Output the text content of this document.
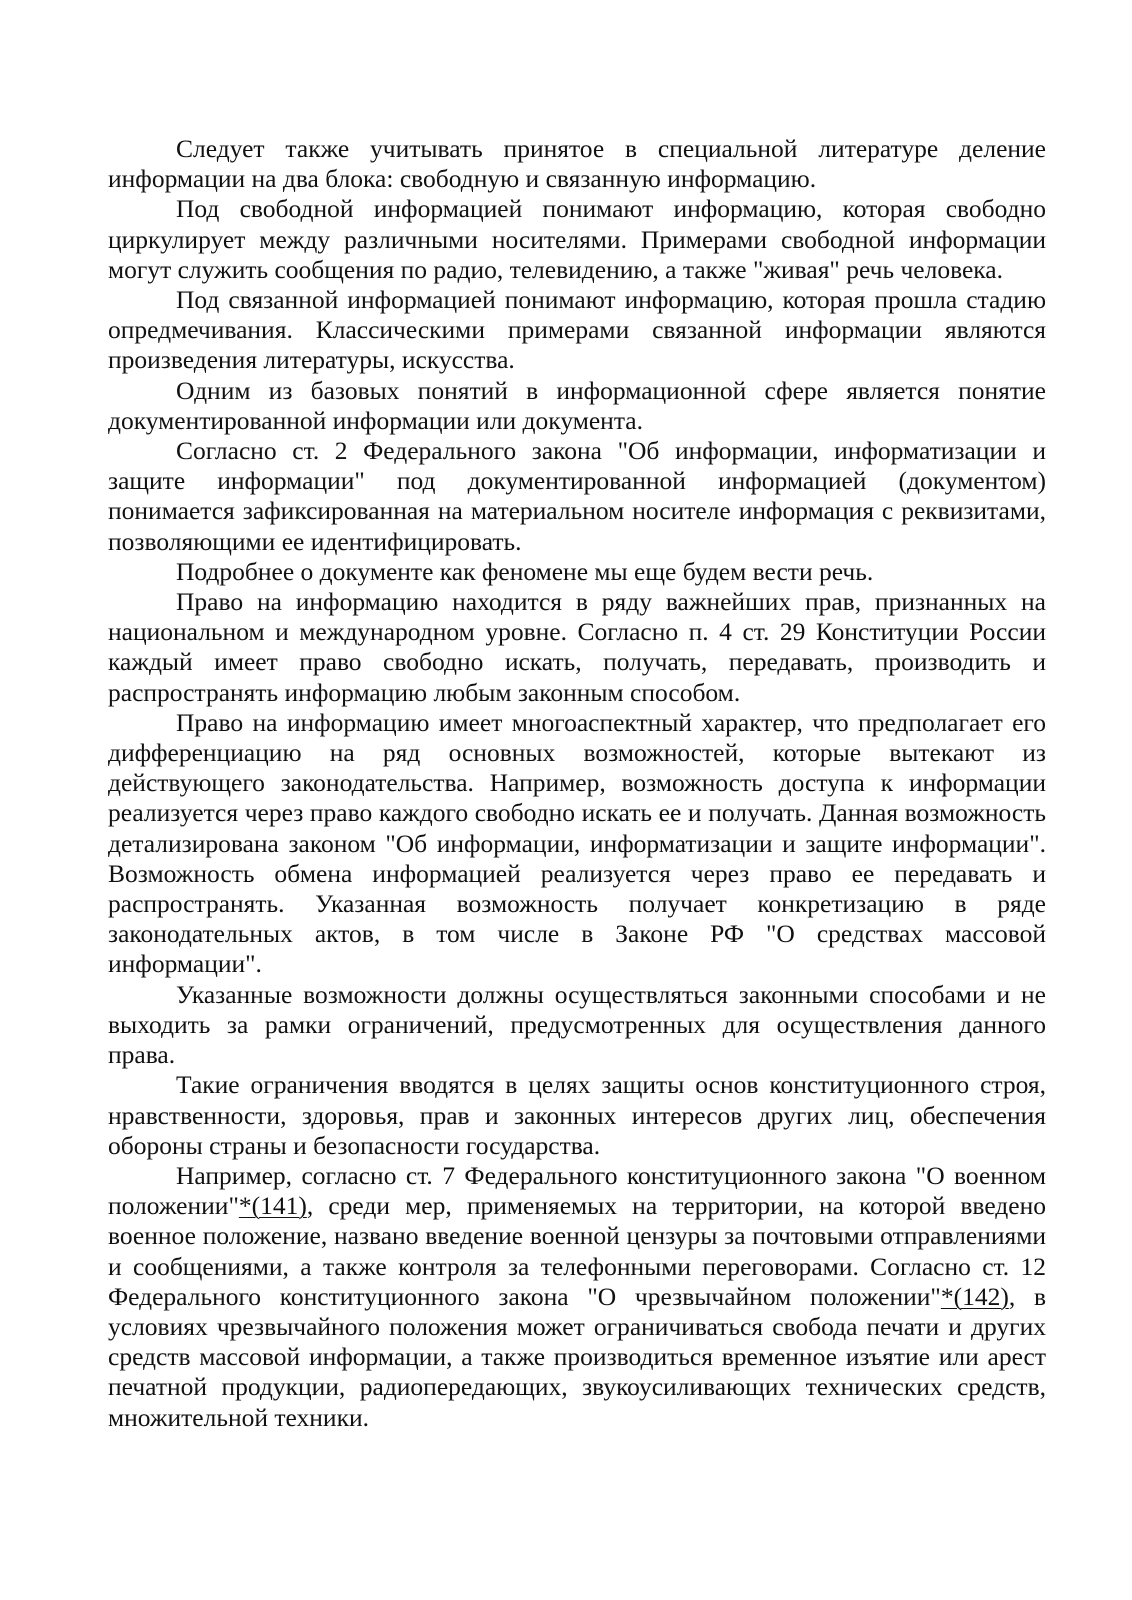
Следует также учитывать принятое в специальной литературе деление информации на два блока: свободную и связанную информацию.

Под свободной информацией понимают информацию, которая свободно циркулирует между различными носителями. Примерами свободной информации могут служить сообщения по радио, телевидению, а также "живая" речь человека.

Под связанной информацией понимают информацию, которая прошла стадию опредмечивания. Классическими примерами связанной информации являются произведения литературы, искусства.

Одним из базовых понятий в информационной сфере является понятие документированной информации или документа.

Согласно ст. 2 Федерального закона "Об информации, информатизации и защите информации" под документированной информацией (документом) понимается зафиксированная на материальном носителе информация с реквизитами, позволяющими ее идентифицировать.

Подробнее о документе как феномене мы еще будем вести речь.

Право на информацию находится в ряду важнейших прав, признанных на национальном и международном уровне. Согласно п. 4 ст. 29 Конституции России каждый имеет право свободно искать, получать, передавать, производить и распространять информацию любым законным способом.

Право на информацию имеет многоаспектный характер, что предполагает его дифференциацию на ряд основных возможностей, которые вытекают из действующего законодательства. Например, возможность доступа к информации реализуется через право каждого свободно искать ее и получать. Данная возможность детализирована законом "Об информации, информатизации и защите информации". Возможность обмена информацией реализуется через право ее передавать и распространять. Указанная возможность получает конкретизацию в ряде законодательных актов, в том числе в Законе РФ "О средствах массовой информации".

Указанные возможности должны осуществляться законными способами и не выходить за рамки ограничений, предусмотренных для осуществления данного права.

Такие ограничения вводятся в целях защиты основ конституционного строя, нравственности, здоровья, прав и законных интересов других лиц, обеспечения обороны страны и безопасности государства.

Например, согласно ст. 7 Федерального конституционного закона "О военном положении"*(141), среди мер, применяемых на территории, на которой введено военное положение, названо введение военной цензуры за почтовыми отправлениями и сообщениями, а также контроля за телефонными переговорами. Согласно ст. 12 Федерального конституционного закона "О чрезвычайном положении"*(142), в условиях чрезвычайного положения может ограничиваться свобода печати и других средств массовой информации, а также производиться временное изъятие или арест печатной продукции, радиопередающих, звукоусиливающих технических средств, множительной техники.
